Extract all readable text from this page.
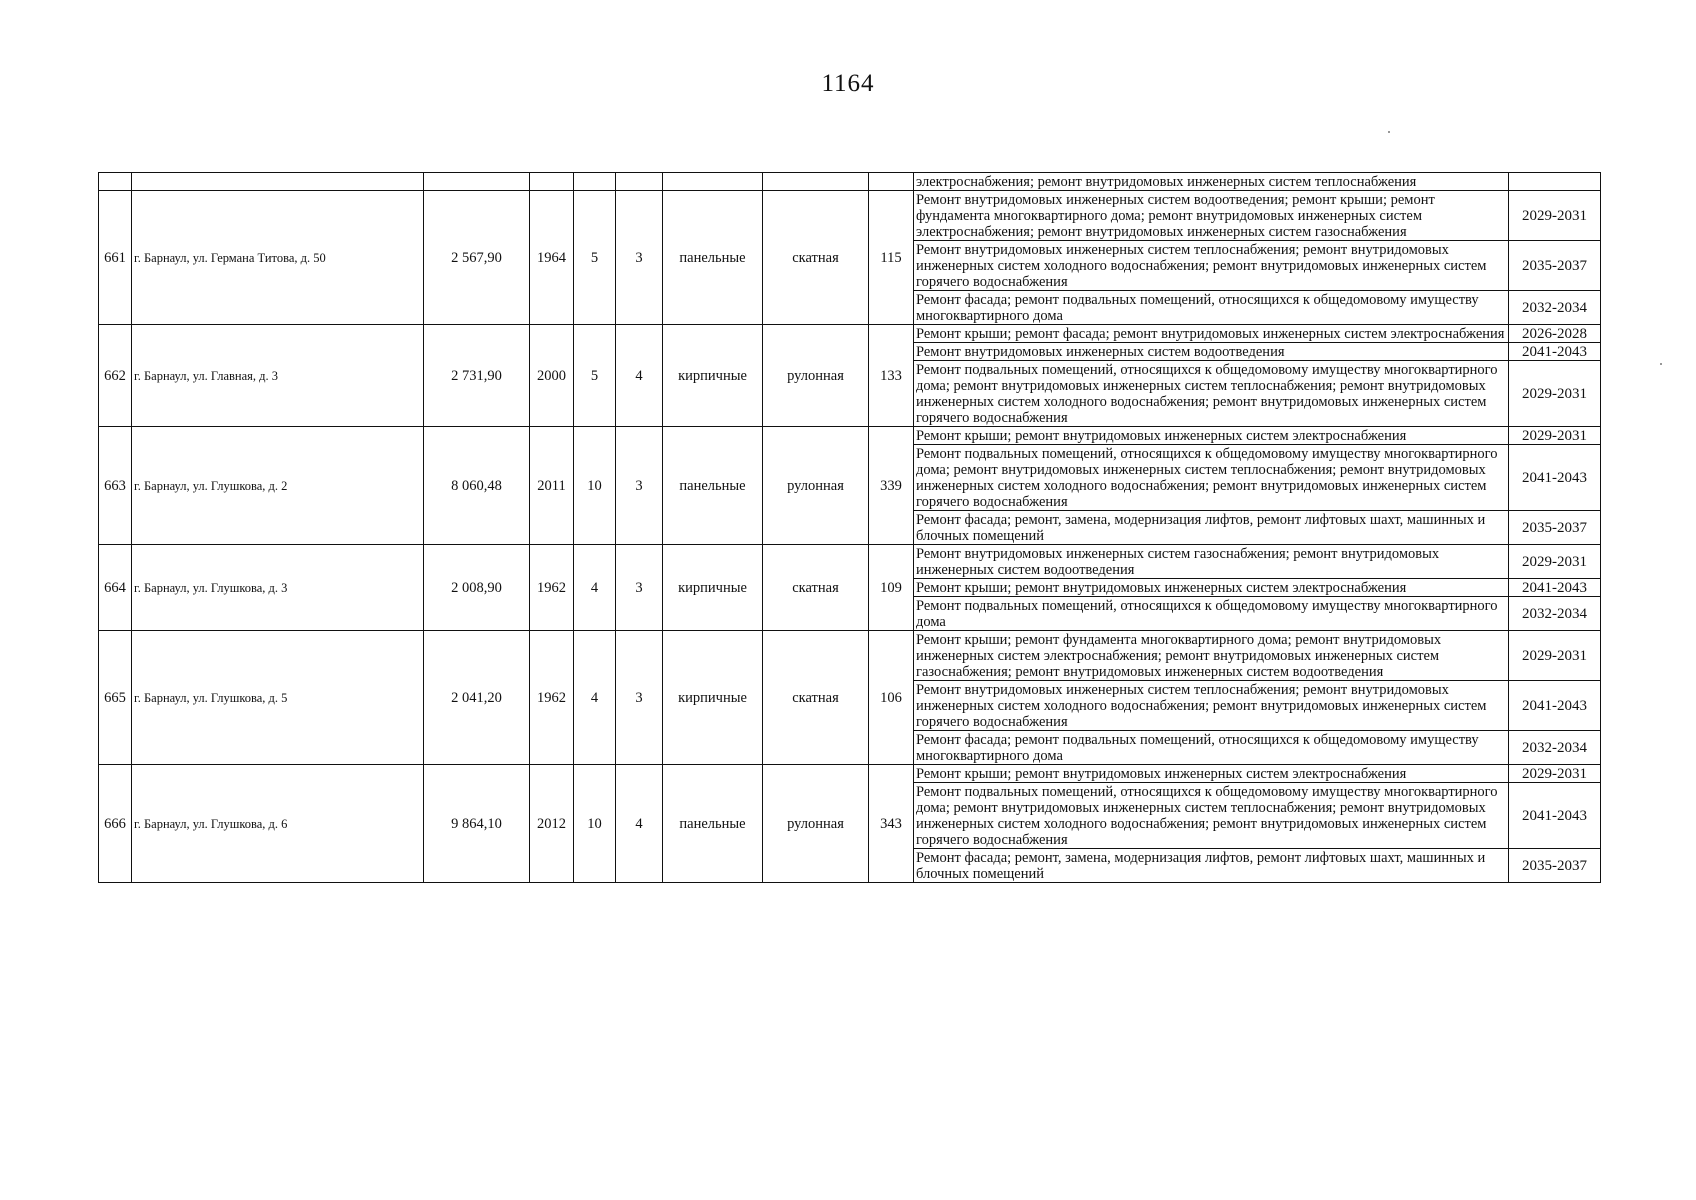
1164
									электроснабжения; ремонт внутридомовых инженерных систем теплоснабжения	
661	г. Барнаул, ул. Германа Титова, д. 50	2 567,90	1964	5	3	панельные	скатная	115	Ремонт внутридомовых инженерных систем водоотведения; ремонт крыши; ремонт фундамента многоквартирного дома; ремонт внутридомовых инженерных систем электроснабжения; ремонт внутридомовых инженерных систем газоснабжения	2029-2031
									Ремонт внутридомовых инженерных систем теплоснабжения; ремонт внутридомовых инженерных систем холодного водоснабжения; ремонт внутридомовых инженерных систем горячего водоснабжения	2035-2037
									Ремонт фасада; ремонт подвальных помещений, относящихся к общедомовому имуществу многоквартирного дома	2032-2034
662	г. Барнаул, ул. Главная, д. 3	2 731,90	2000	5	4	кирпичные	рулонная	133	Ремонт крыши; ремонт фасада; ремонт внутридомовых инженерных систем электроснабжения	2026-2028
									Ремонт внутридомовых инженерных систем водоотведения	2041-2043
									Ремонт подвальных помещений, относящихся к общедомовому имуществу многоквартирного дома; ремонт внутридомовых инженерных систем теплоснабжения; ремонт внутридомовых инженерных систем холодного водоснабжения; ремонт внутридомовых инженерных систем горячего водоснабжения	2029-2031
663	г. Барнаул, ул. Глушкова, д. 2	8 060,48	2011	10	3	панельные	рулонная	339	Ремонт крыши; ремонт внутридомовых инженерных систем электроснабжения	2029-2031
									Ремонт подвальных помещений, относящихся к общедомовому имуществу многоквартирного дома; ремонт внутридомовых инженерных систем теплоснабжения; ремонт внутридомовых инженерных систем холодного водоснабжения; ремонт внутридомовых инженерных систем горячего водоснабжения	2041-2043
									Ремонт фасада; ремонт, замена, модернизация лифтов, ремонт лифтовых шахт, машинных и блочных помещений	2035-2037
664	г. Барнаул, ул. Глушкова, д. 3	2 008,90	1962	4	3	кирпичные	скатная	109	Ремонт внутридомовых инженерных систем газоснабжения; ремонт внутридомовых инженерных систем водоотведения	2029-2031
									Ремонт крыши; ремонт внутридомовых инженерных систем электроснабжения	2041-2043
									Ремонт подвальных помещений, относящихся к общедомовому имуществу многоквартирного дома	2032-2034
665	г. Барнаул, ул. Глушкова, д. 5	2 041,20	1962	4	3	кирпичные	скатная	106	Ремонт крыши; ремонт фундамента многоквартирного дома; ремонт внутридомовых инженерных систем электроснабжения; ремонт внутридомовых инженерных систем газоснабжения; ремонт внутридомовых инженерных систем водоотведения	2029-2031
									Ремонт внутридомовых инженерных систем теплоснабжения; ремонт внутридомовых инженерных систем холодного водоснабжения; ремонт внутридомовых инженерных систем горячего водоснабжения	2041-2043
									Ремонт фасада; ремонт подвальных помещений, относящихся к общедомовому имуществу многоквартирного дома	2032-2034
666	г. Барнаул, ул. Глушкова, д. 6	9 864,10	2012	10	4	панельные	рулонная	343	Ремонт крыши; ремонт внутридомовых инженерных систем электроснабжения	2029-2031
									Ремонт подвальных помещений, относящихся к общедомовому имуществу многоквартирного дома; ремонт внутридомовых инженерных систем теплоснабжения; ремонт внутридомовых инженерных систем холодного водоснабжения; ремонт внутридомовых инженерных систем горячего водоснабжения	2041-2043
									Ремонт фасада; ремонт, замена, модернизация лифтов, ремонт лифтовых шахт, машинных и блочных помещений	2035-2037
